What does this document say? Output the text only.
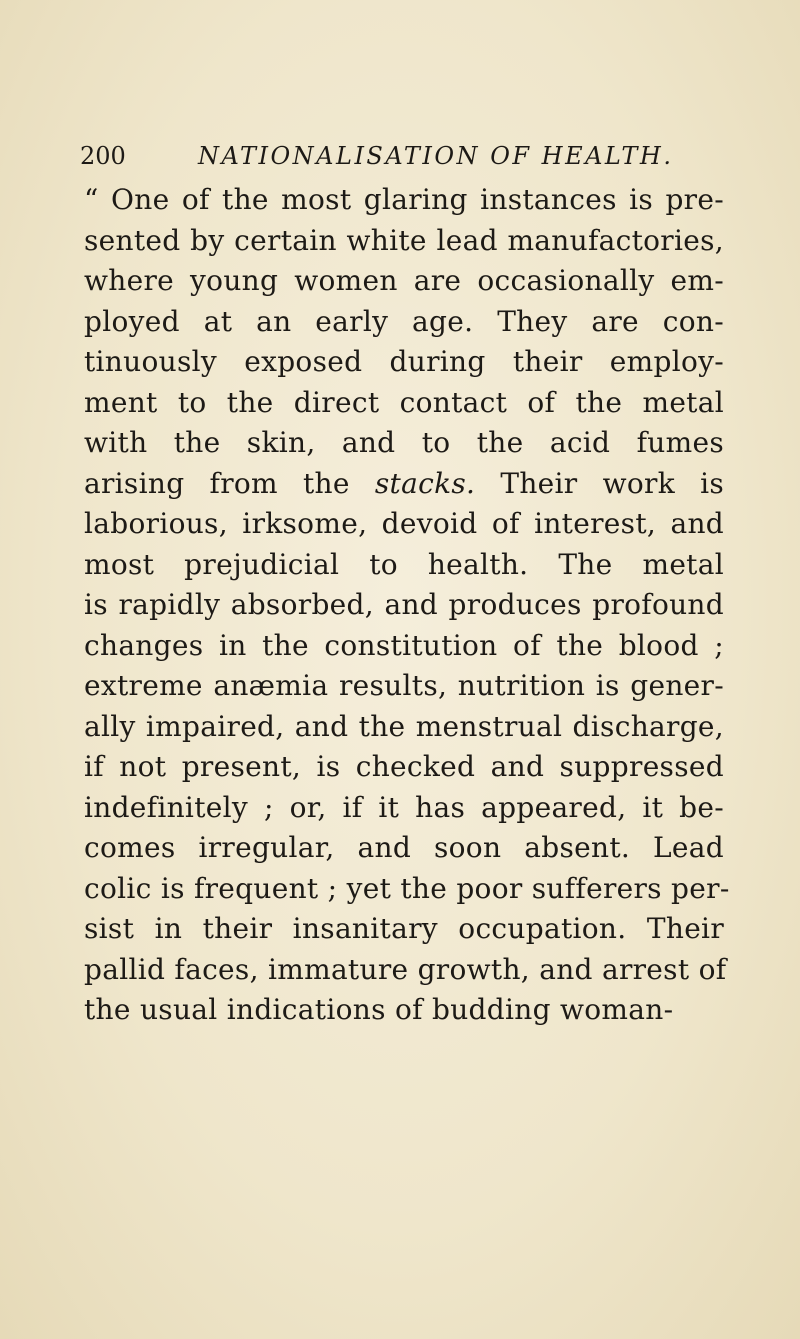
200	NATIONALISATION OF HEALTH.
“ One of the most glaring instances is pre-
sented by certain white lead manufactories,
where young women are occasionally em-
ployed at an early age. They are con-
tinuously exposed during their employ-
ment to the direct contact of the metal
with the skin, and to the acid fumes
arising from the stacks. Their work is
laborious, irksome, devoid of interest, and
most prejudicial to health. The metal
is rapidly absorbed, and produces profound
changes in the constitution of the blood ;
extreme anæmia results, nutrition is gener-
ally impaired, and the menstrual discharge,
if not present, is checked and suppressed
indefinitely ; or, if it has appeared, it be-
comes irregular, and soon absent. Lead
colic is frequent ; yet the poor sufferers per-
sist in their insanitary occupation. Their
pallid faces, immature growth, and arrest of
the usual indications of budding woman-
